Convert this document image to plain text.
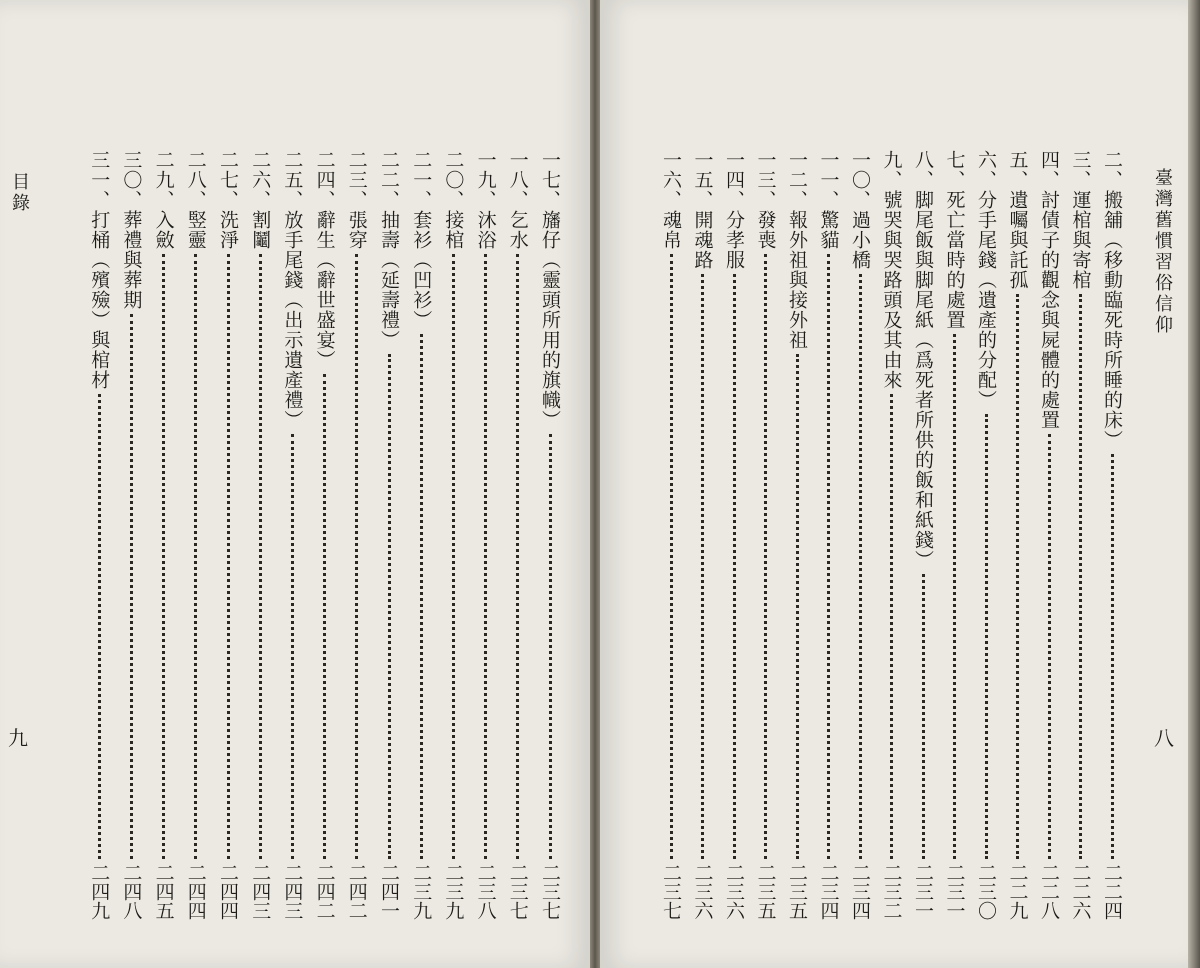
目錄
九
一七、旛仔（靈頭所用的旗幟）
二三七
一八、乞水
二三七
一九、沐浴
二三八
二〇、接棺
二三九
二一、套衫（凹衫）
二三九
二二、抽壽（延壽禮）
二四一
二三、張穿
二四二
二四、辭生（辭世盛宴）
二四二
二五、放手尾錢（出示遺產禮）
二四三
二六、割鬮
二四三
二七、洗淨
二四四
二八、竪靈
二四四
二九、入斂
二四五
三〇、葬禮與葬期
二四八
三一、打桶（殯殮）與棺材
二四九
臺灣舊慣習俗信仰
八
二、搬舖（移動臨死時所睡的床）
二二四
三、運棺與寄棺
二二六
四、討債子的觀念與屍體的處置
二二八
五、遺囑與託孤
二二九
六、分手尾錢（遺產的分配）
二三〇
七、死亡當時的處置
二三一
八、脚尾飯與脚尾紙（爲死者所供的飯和紙錢）
二三一
九、號哭與哭路頭及其由來
二三二
一〇、過小橋
二三四
一一、驚貓
二三四
一二、報外祖與接外祖
二三五
一三、發喪
二三五
一四、分孝服
二三六
一五、開魂路
二三六
一六、魂帛
二三七
